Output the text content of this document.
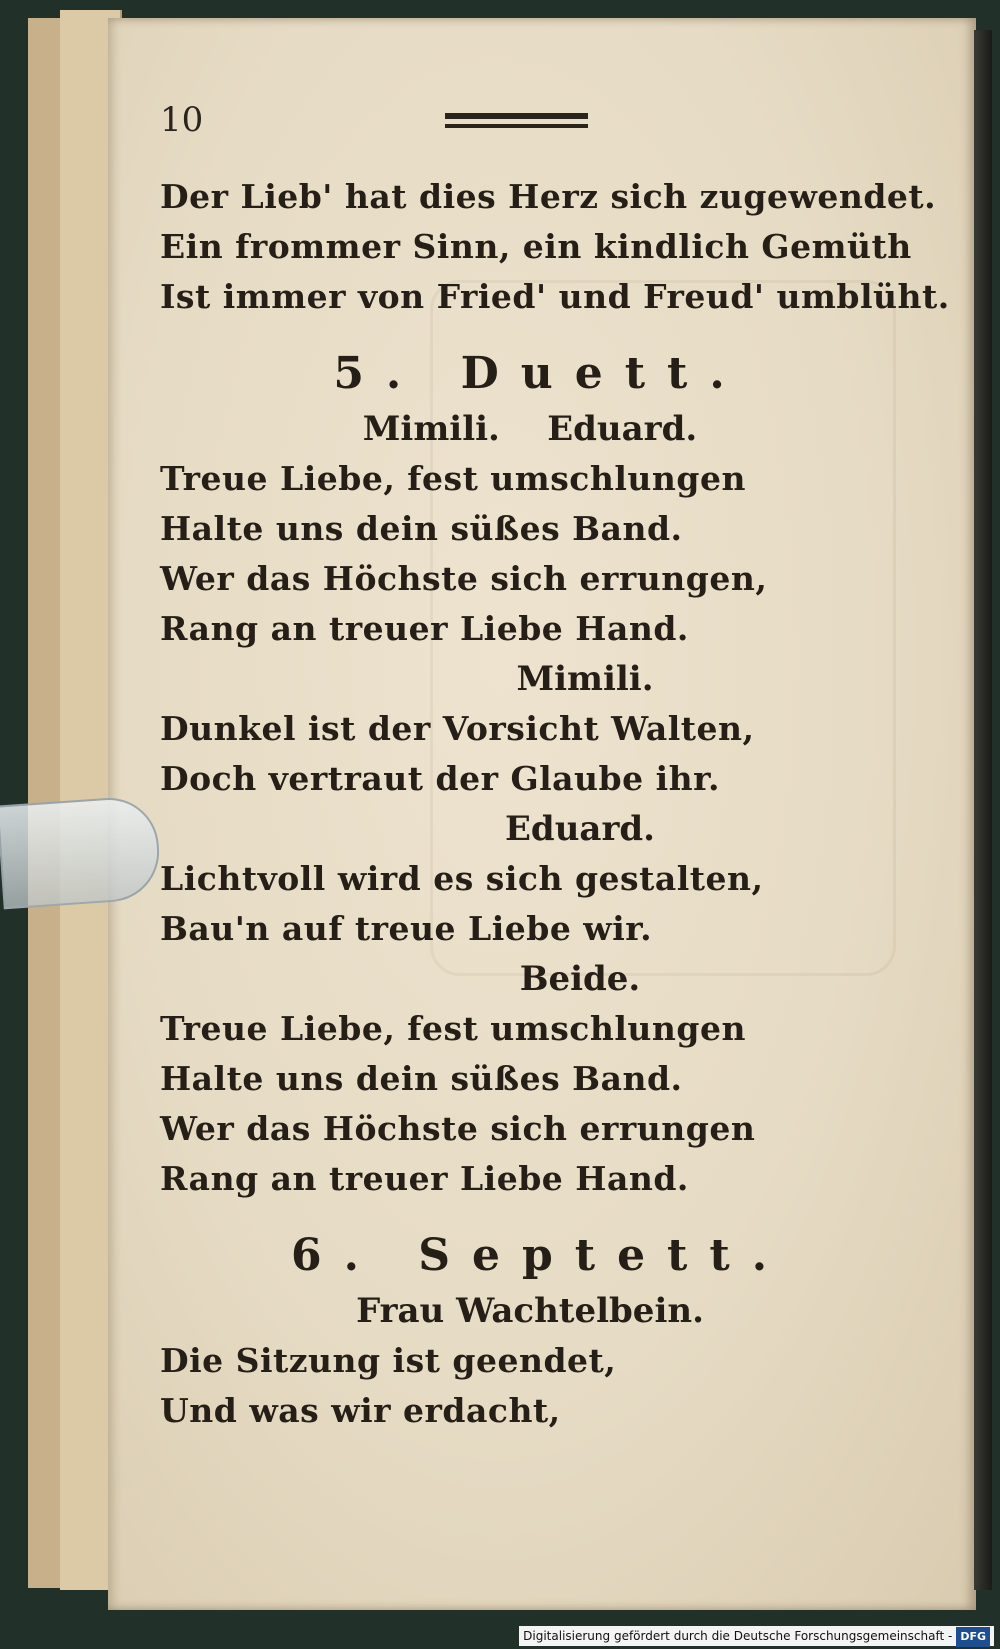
10
Der Lieb' hat dies Herz sich zugewendet.
Ein frommer Sinn, ein kindlich Gemüth
Ist immer von Fried' und Freud' umblüht.
5. Duett.
Mimili.    Eduard.
Treue Liebe, fest umschlungen
Halte uns dein süßes Band.
Wer das Höchste sich errungen,
Rang an treuer Liebe Hand.
Mimili.
Dunkel ist der Vorsicht Walten,
Doch vertraut der Glaube ihr.
Eduard.
Lichtvoll wird es sich gestalten,
Bau'n auf treue Liebe wir.
Beide.
Treue Liebe, fest umschlungen
Halte uns dein süßes Band.
Wer das Höchste sich errungen
Rang an treuer Liebe Hand.
6. Septett.
Frau Wachtelbein.
Die Sitzung ist geendet,
Und was wir erdacht,
Digitalisierung gefördert durch die Deutsche Forschungsgemeinschaft - DFG
